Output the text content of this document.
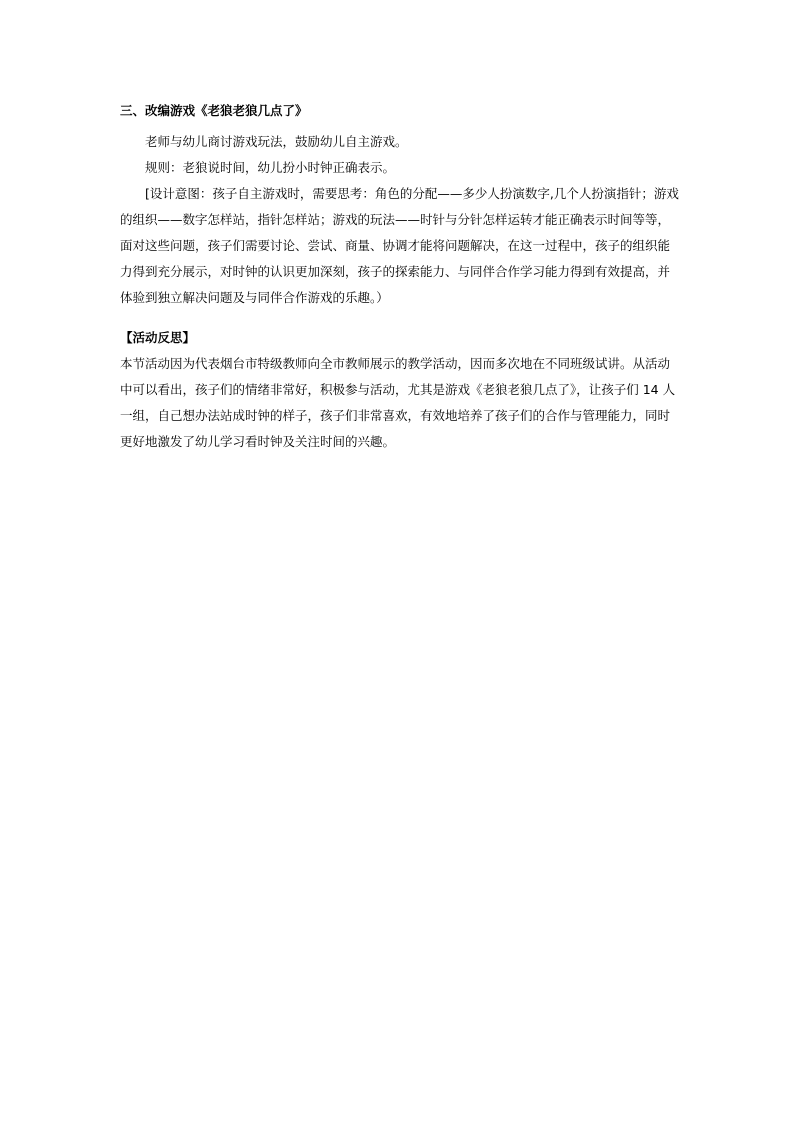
三、改编游戏《老狼老狼几点了》

老师与幼儿商讨游戏玩法，鼓励幼儿自主游戏。

规则：老狼说时间，幼儿扮小时钟正确表示。

[设计意图：孩子自主游戏时，需要思考：角色的分配——多少人扮演数字,几个人扮演指针；游戏的组织——数字怎样站，指针怎样站；游戏的玩法——时针与分针怎样运转才能正确表示时间等等，面对这些问题，孩子们需要讨论、尝试、商量、协调才能将问题解决，在这一过程中，孩子的组织能力得到充分展示，对时钟的认识更加深刻，孩子的探索能力、与同伴合作学习能力得到有效提高，并体验到独立解决问题及与同伴合作游戏的乐趣。）

【活动反思】

本节活动因为代表烟台市特级教师向全市教师展示的教学活动，因而多次地在不同班级试讲。从活动中可以看出，孩子们的情绪非常好，积极参与活动，尤其是游戏《老狼老狼几点了》，让孩子们 14 人一组，自己想办法站成时钟的样子，孩子们非常喜欢，有效地培养了孩子们的合作与管理能力，同时更好地激发了幼儿学习看时钟及关注时间的兴趣。
